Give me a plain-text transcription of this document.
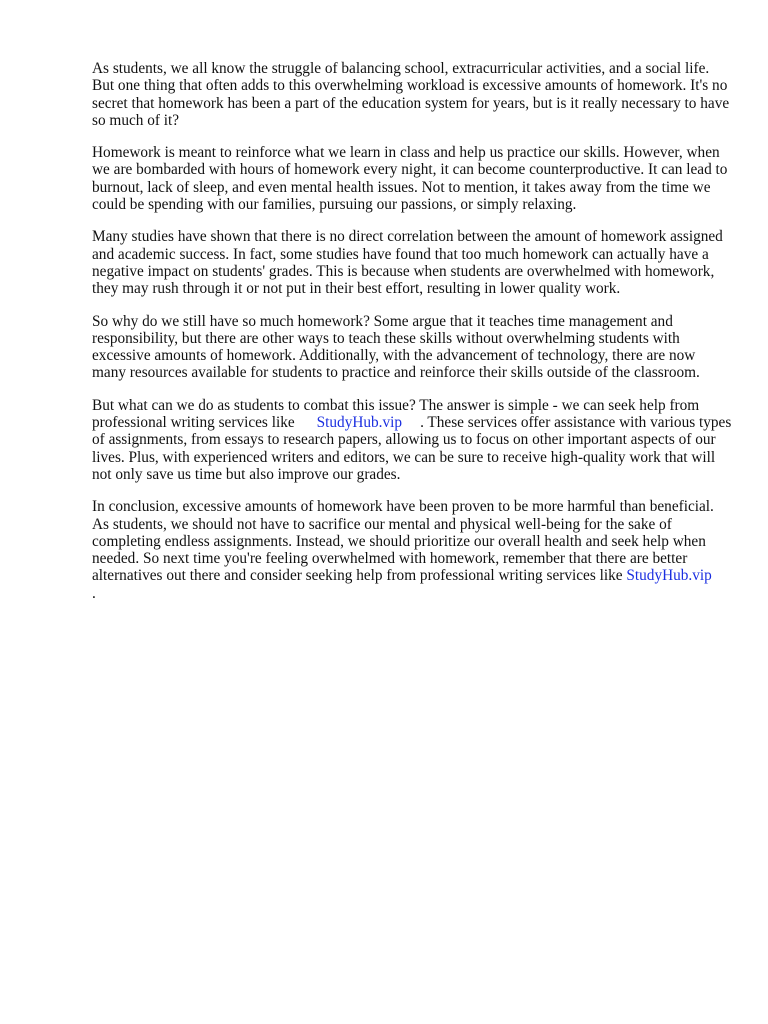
As students, we all know the struggle of balancing school, extracurricular activities, and a social life. But one thing that often adds to this overwhelming workload is excessive amounts of homework. It's no secret that homework has been a part of the education system for years, but is it really necessary to have so much of it?

Homework is meant to reinforce what we learn in class and help us practice our skills. However, when we are bombarded with hours of homework every night, it can become counterproductive. It can lead to burnout, lack of sleep, and even mental health issues. Not to mention, it takes away from the time we could be spending with our families, pursuing our passions, or simply relaxing.

Many studies have shown that there is no direct correlation between the amount of homework assigned and academic success. In fact, some studies have found that too much homework can actually have a negative impact on students' grades. This is because when students are overwhelmed with homework, they may rush through it or not put in their best effort, resulting in lower quality work.

So why do we still have so much homework? Some argue that it teaches time management and responsibility, but there are other ways to teach these skills without overwhelming students with excessive amounts of homework. Additionally, with the advancement of technology, there are now many resources available for students to practice and reinforce their skills outside of the classroom.

But what can we do as students to combat this issue? The answer is simple - we can seek help from professional writing services like StudyHub.vip . These services offer assistance with various types of assignments, from essays to research papers, allowing us to focus on other important aspects of our lives. Plus, with experienced writers and editors, we can be sure to receive high-quality work that will not only save us time but also improve our grades.

In conclusion, excessive amounts of homework have been proven to be more harmful than beneficial. As students, we should not have to sacrifice our mental and physical well-being for the sake of completing endless assignments. Instead, we should prioritize our overall health and seek help when needed. So next time you're feeling overwhelmed with homework, remember that there are better alternatives out there and consider seeking help from professional writing services like StudyHub.vip.
